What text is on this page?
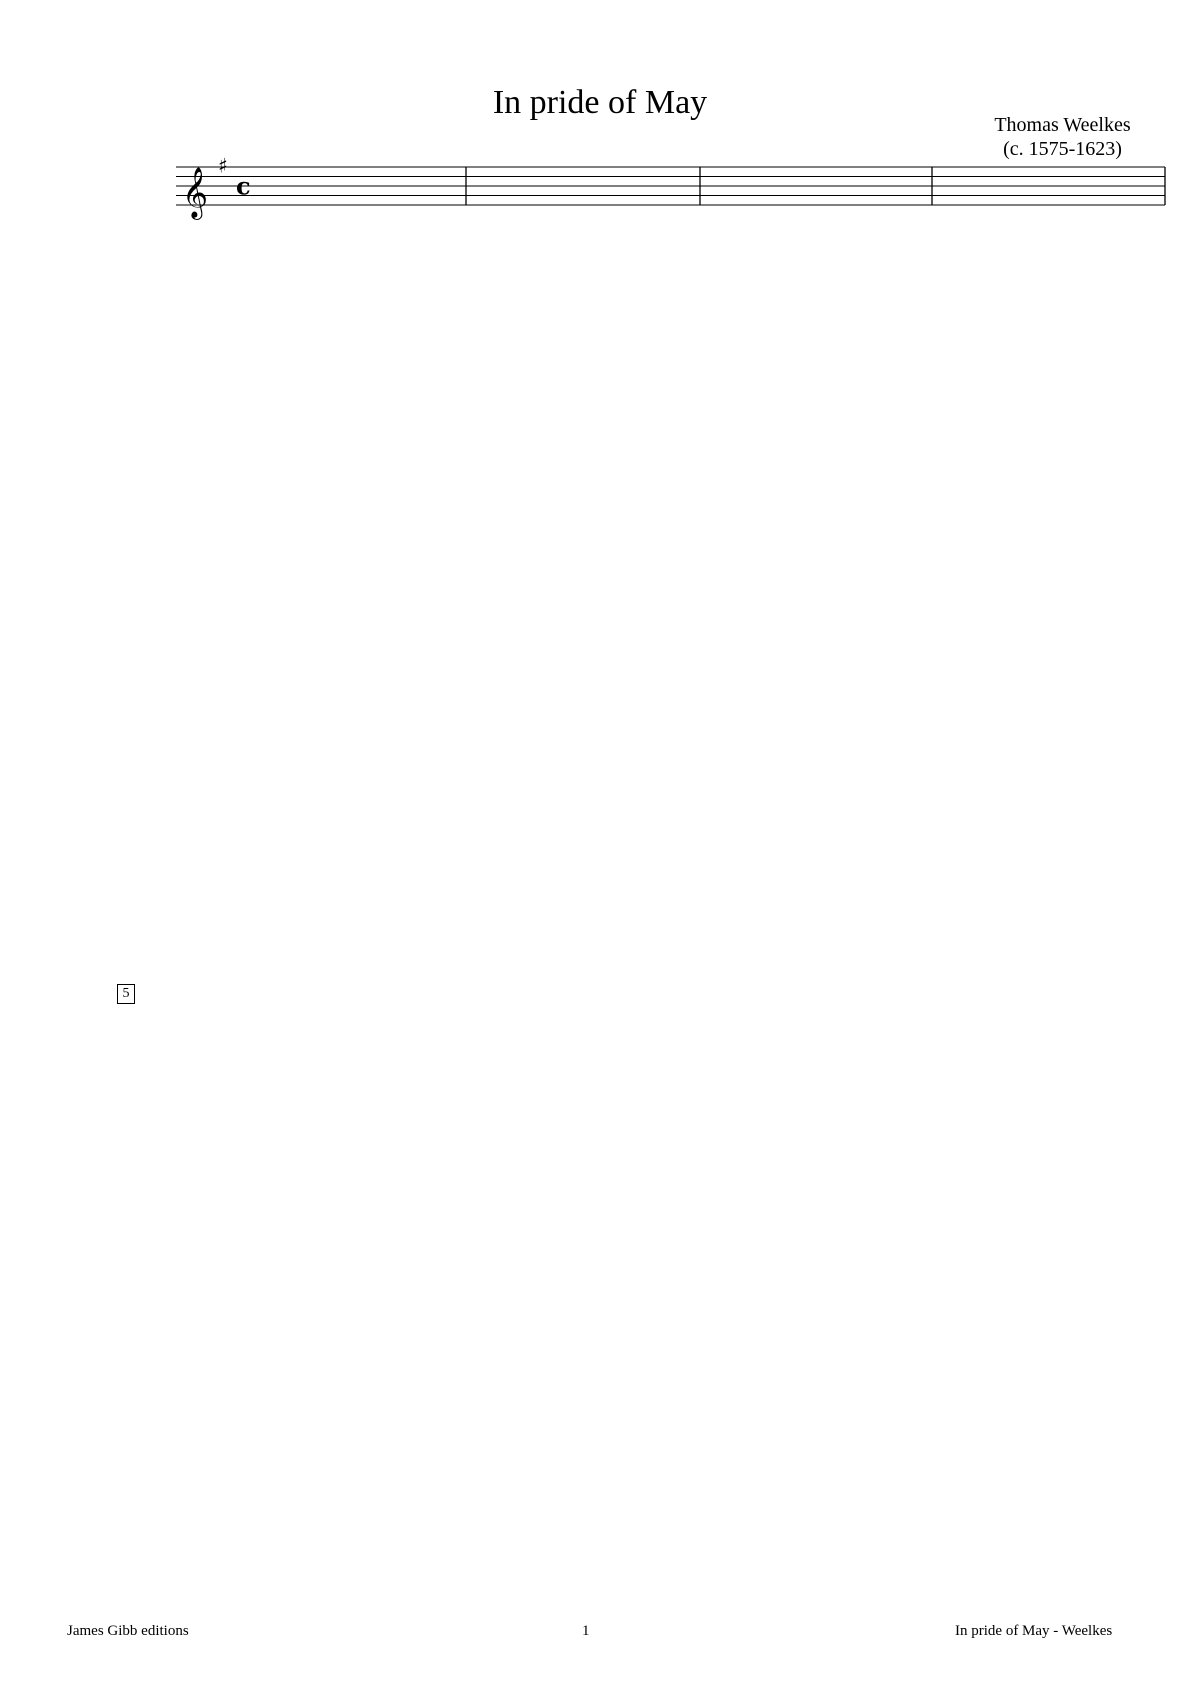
In pride of May
Thomas Weelkes
(c. 1575-1623)
𝄞
♯
c
James Gibb editions	1	In pride of May - Weelkes
5
